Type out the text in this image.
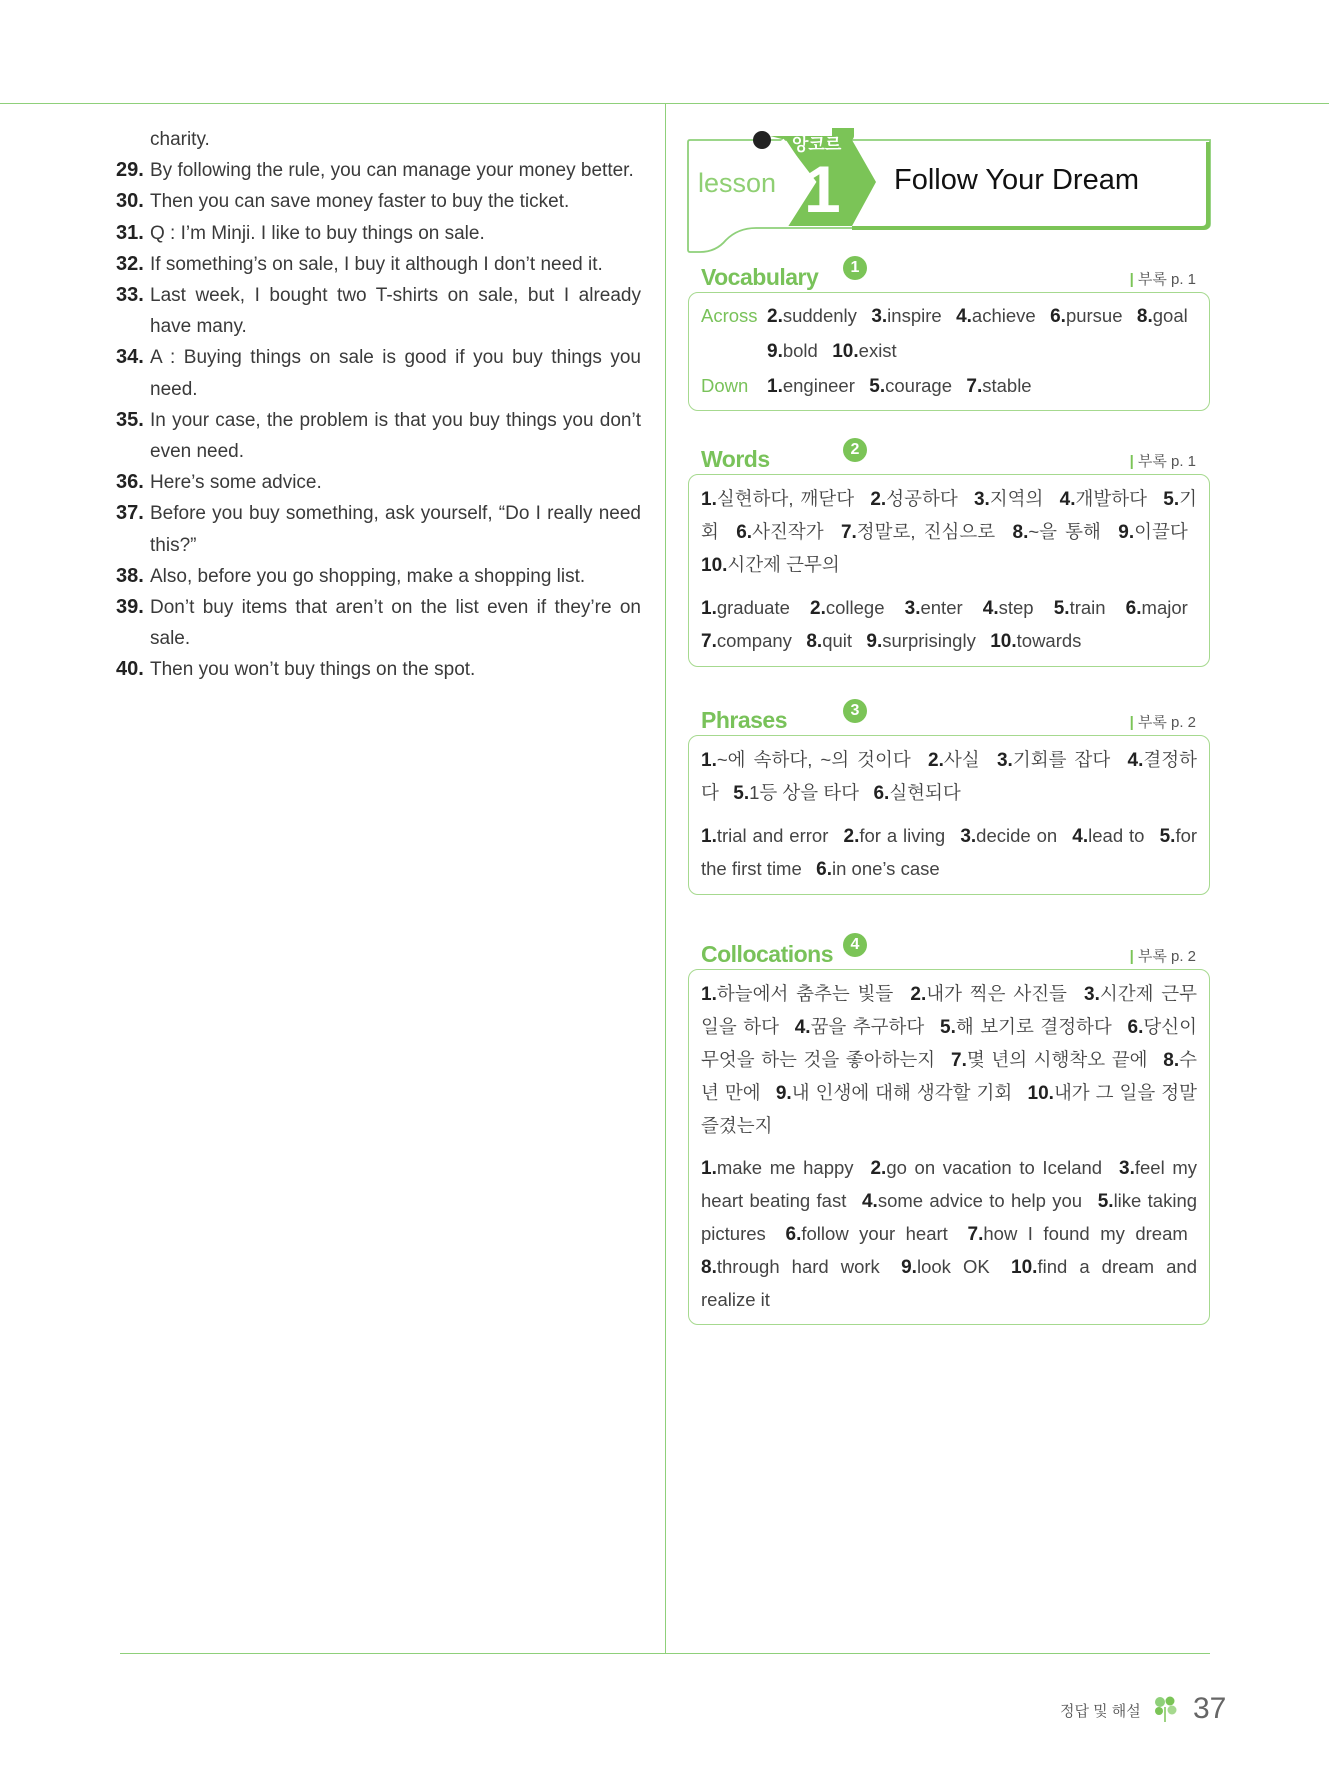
charity.
29. By following the rule, you can manage your money better.
30. Then you can save money faster to buy the ticket.
31. Q : I’m Minji. I like to buy things on sale.
32. If something’s on sale, I buy it although I don’t need it.
33. Last week, I bought two T-shirts on sale, but I already have many.
34. A : Buying things on sale is good if you buy things you need.
35. In your case, the problem is that you buy things you don’t even need.
36. Here’s some advice.
37. Before you buy something, ask yourself, “Do I really need this?”
38. Also, before you go shopping, make a shopping list.
39. Don’t buy items that aren’t on the list even if they’re on sale.
40. Then you won’t buy things on the spot.
lesson
앙코르
1 Follow Your Dream
Vocabulary	1
| 부록 p. 1
Across 2.suddenly  3.inspire  4.achieve  6.pursue  8.goal
9.bold  10.exist
Down 1.engineer  5.courage  7.stable
Words	2
| 부록 p. 1
1.실현하다, 깨닫다  2.성공하다  3.지역의  4.개발하다  5.기회  6.사진작가  7.정말로, 진심으로  8.~을 통해  9.이끌다  10.시간제 근무의
1.graduate  2.college  3.enter  4.step  5.train  6.major  7.company  8.quit  9.surprisingly  10.towards
Phrases	3
| 부록 p. 2
1.~에 속하다, ~의 것이다  2.사실  3.기회를 잡다  4.결정하다  5.1등 상을 타다  6.실현되다
1.trial and error  2.for a living  3.decide on  4.lead to  5.for the first time  6.in one’s case
Collocations	4
| 부록 p. 2
1.하늘에서 춤추는 빛들  2.내가 찍은 사진들  3.시간제 근무 일을 하다  4.꿈을 추구하다  5.해 보기로 결정하다  6.당신이 무엇을 하는 것을 좋아하는지  7.몇 년의 시행착오 끝에  8.수년 만에  9.내 인생에 대해 생각할 기회  10.내가 그 일을 정말 즐겼는지
1.make me happy  2.go on vacation to Iceland  3.feel my heart beating fast  4.some advice to help you  5.like taking pictures  6.follow your heart  7.how I found my dream  8.through hard work  9.look OK  10.find a dream and realize it
정답 및 해설 37
